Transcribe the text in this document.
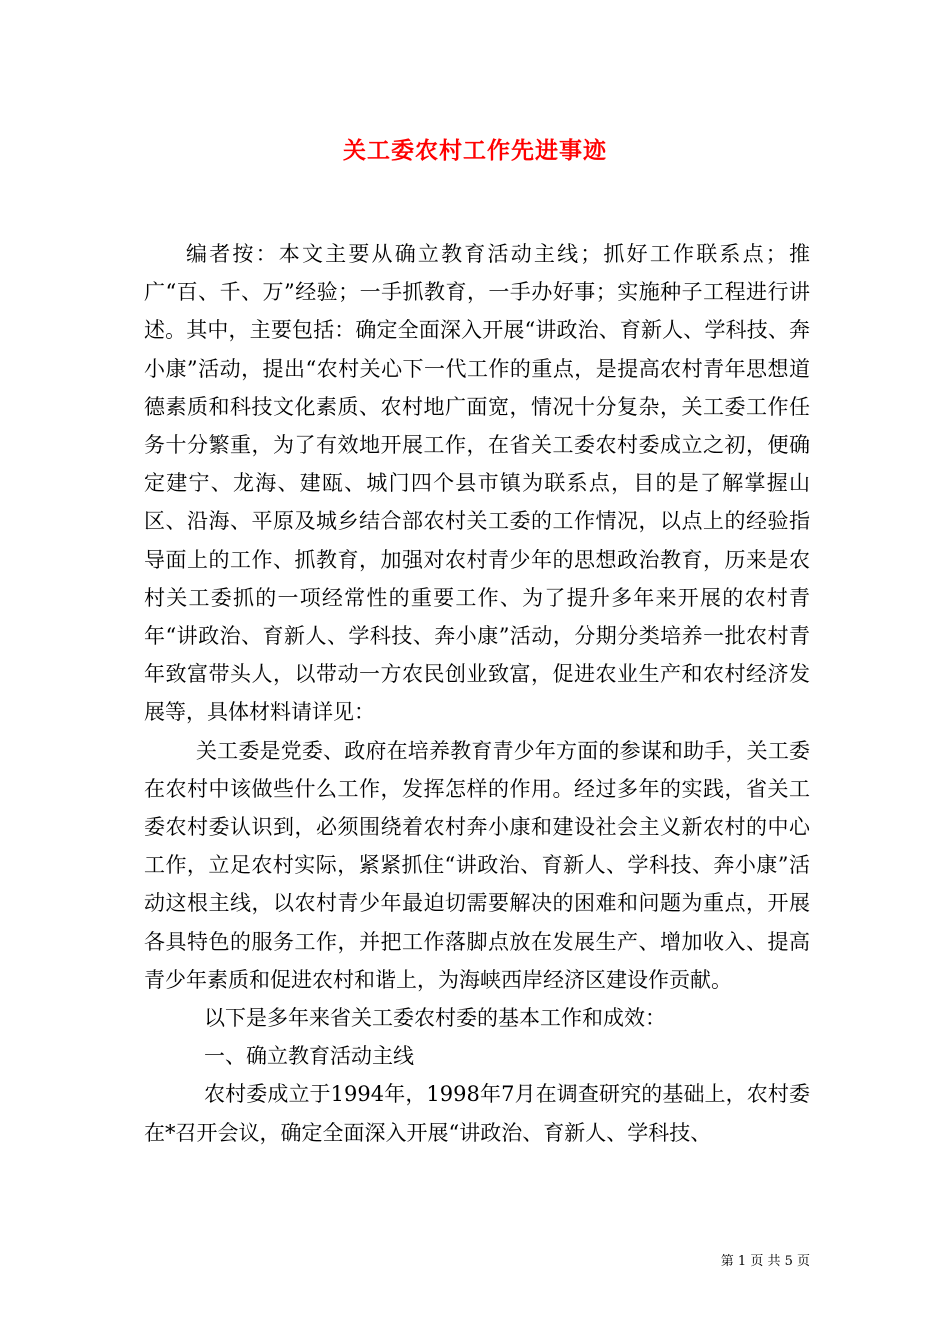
关工委农村工作先进事迹

编者按：本文主要从确立教育活动主线；抓好工作联系点；推广“百、千、万”经验；一手抓教育，一手办好事；实施种子工程进行讲述。其中，主要包括：确定全面深入开展“讲政治、育新人、学科技、奔小康”活动，提出“农村关心下一代工作的重点，是提高农村青年思想道德素质和科技文化素质、农村地广面宽，情况十分复杂，关工委工作任务十分繁重，为了有效地开展工作，在省关工委农村委成立之初，便确定建宁、龙海、建瓯、城门四个县市镇为联系点，目的是了解掌握山区、沿海、平原及城乡结合部农村关工委的工作情况，以点上的经验指导面上的工作、抓教育，加强对农村青少年的思想政治教育，历来是农村关工委抓的一项经常性的重要工作、为了提升多年来开展的农村青年“讲政治、育新人、学科技、奔小康”活动，分期分类培养一批农村青年致富带头人，以带动一方农民创业致富，促进农业生产和农村经济发展等，具体材料请详见：

关工委是党委、政府在培养教育青少年方面的参谋和助手，关工委在农村中该做些什么工作，发挥怎样的作用。经过多年的实践，省关工委农村委认识到，必须围绕着农村奔小康和建设社会主义新农村的中心工作，立足农村实际，紧紧抓住“讲政治、育新人、学科技、奔小康”活动这根主线，以农村青少年最迫切需要解决的困难和问题为重点，开展各具特色的服务工作，并把工作落脚点放在发展生产、增加收入、提高青少年素质和促进农村和谐上，为海峡西岸经济区建设作贡献。

以下是多年来省关工委农村委的基本工作和成效：

一、确立教育活动主线

农村委成立于1994年，1998年7月在调查研究的基础上，农村委在*召开会议，确定全面深入开展“讲政治、育新人、学科技、

第 1 页 共 5 页
